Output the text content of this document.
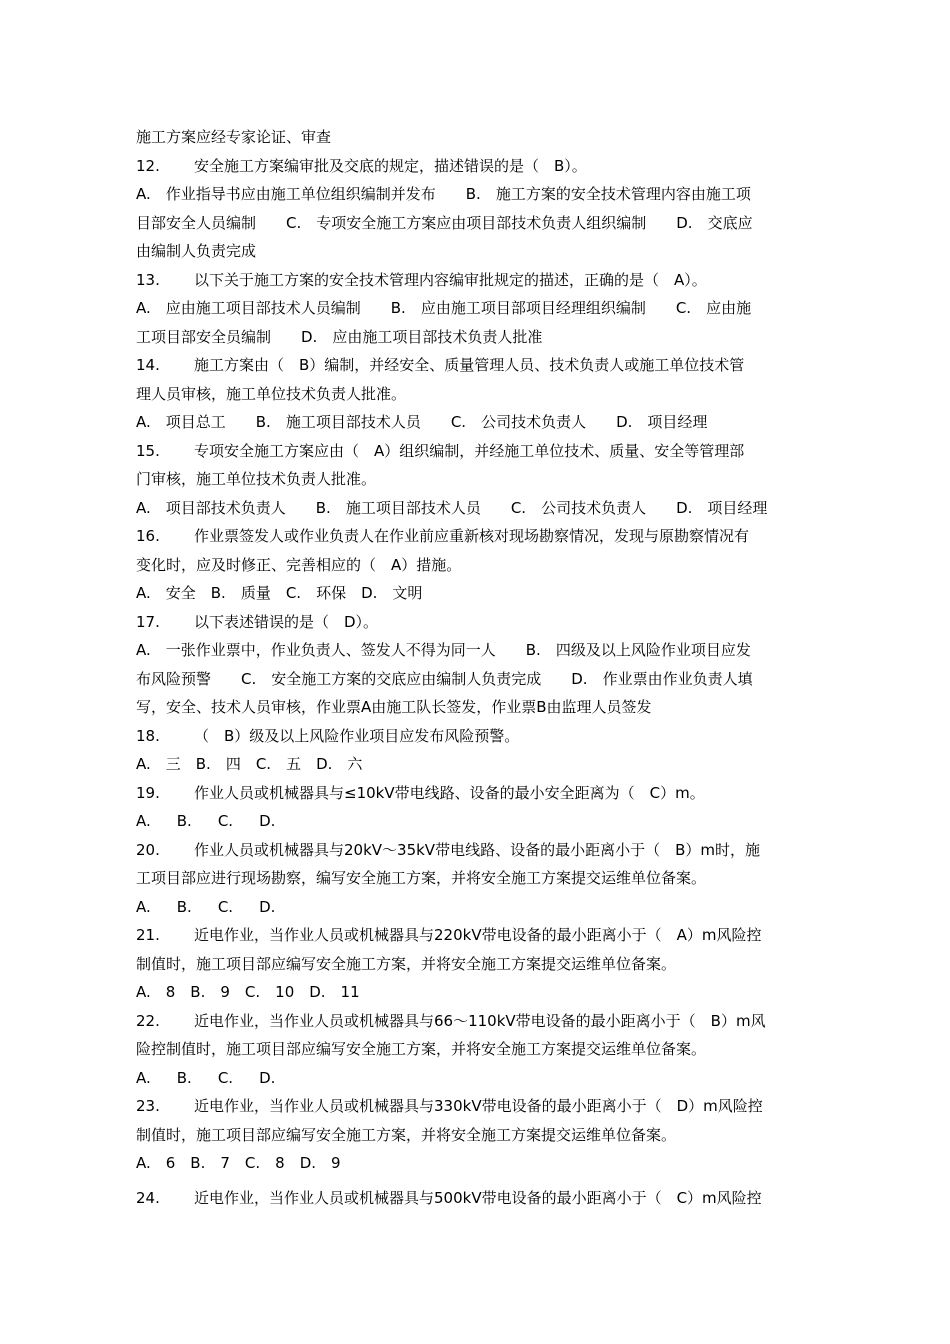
施工方案应经专家论证、审查
12. 安全施工方案编审批及交底的规定，描述错误的是（　B）。
A.　作业指导书应由施工单位组织编制并发布　　B.　施工方案的安全技术管理内容由施工项
目部安全人员编制　　C.　专项安全施工方案应由项目部技术负责人组织编制　　D.　交底应
由编制人负责完成
13. 以下关于施工方案的安全技术管理内容编审批规定的描述，正确的是（　A）。
A.　应由施工项目部技术人员编制　　B.　应由施工项目部项目经理组织编制　　C.　应由施
工项目部安全员编制　　D.　应由施工项目部技术负责人批准
14. 施工方案由（　B）编制，并经安全、质量管理人员、技术负责人或施工单位技术管
理人员审核，施工单位技术负责人批准。
A.　项目总工　　B.　施工项目部技术人员　　C.　公司技术负责人　　D.　项目经理
15. 专项安全施工方案应由（　A）组织编制，并经施工单位技术、质量、安全等管理部
门审核，施工单位技术负责人批准。
A.　项目部技术负责人　　B.　施工项目部技术人员　　C.　公司技术负责人　　D.　项目经理
16. 作业票签发人或作业负责人在作业前应重新核对现场勘察情况，发现与原勘察情况有
变化时，应及时修正、完善相应的（　A）措施。
A.　安全　B.　质量　C.　环保　D.　文明
17. 以下表述错误的是（　D）。
A.　一张作业票中，作业负责人、签发人不得为同一人　　B.　四级及以上风险作业项目应发
布风险预警　　C.　安全施工方案的交底应由编制人负责完成　　D.　作业票由作业负责人填
写，安全、技术人员审核，作业票A由施工队长签发，作业票B由监理人员签发
18. （　B）级及以上风险作业项目应发布风险预警。
A.　三　B.　四　C.　五　D.　六
19. 作业人员或机械器具与≤10kV带电线路、设备的最小安全距离为（　C）m。
A. B. C. D.
20. 作业人员或机械器具与20kV～35kV带电线路、设备的最小距离小于（　B）m时，施
工项目部应进行现场勘察，编写安全施工方案，并将安全施工方案提交运维单位备案。
A. B. C. D.
21. 近电作业，当作业人员或机械器具与220kV带电设备的最小距离小于（　A）m风险控
制值时，施工项目部应编写安全施工方案，并将安全施工方案提交运维单位备案。
A.　8　B.　9　C.　10　D.　11
22. 近电作业，当作业人员或机械器具与66～110kV带电设备的最小距离小于（　B）m风
险控制值时，施工项目部应编写安全施工方案，并将安全施工方案提交运维单位备案。
A. B. C. D.
23. 近电作业，当作业人员或机械器具与330kV带电设备的最小距离小于（　D）m风险控
制值时，施工项目部应编写安全施工方案，并将安全施工方案提交运维单位备案。
A.　6　B.　7　C.　8　D.　9
24. 近电作业，当作业人员或机械器具与500kV带电设备的最小距离小于（　C）m风险控
